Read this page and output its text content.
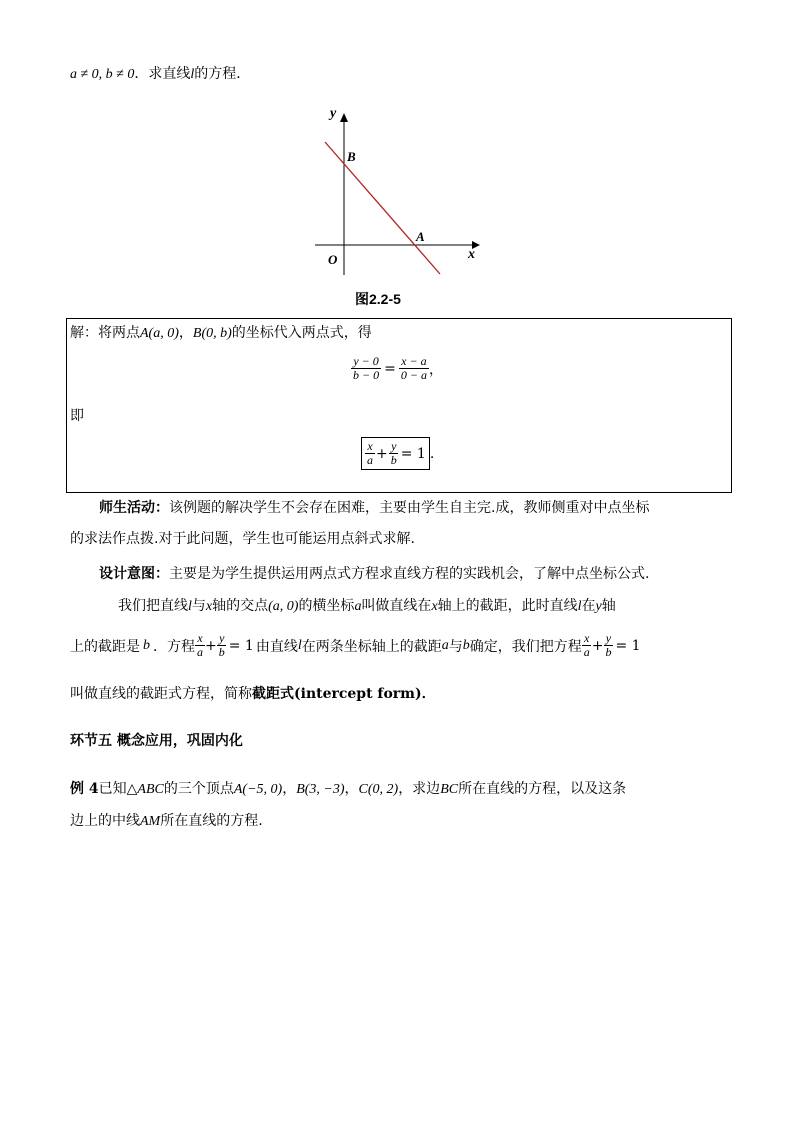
a ≠ 0, b ≠ 0．求直线l的方程．
y
x
O
B
A
图2.2-5
解：将两点A(a, 0)，B(0, b)的坐标代入两点式，得
$\frac{y - 0}{b - 0} = \frac{x - a}{0 - a}$ ，
即
$\frac{x}{a} + \frac{y}{b} = 1$ .
师生活动：该例题的解决学生不会存在困难，主要由学生自主完.成，教师侧重对中点坐标
的求法作点拨.对于此问题，学生也可能运用点斜式求解.
设计意图：主要是为学生提供运用两点式方程求直线方程的实践机会，了解中点坐标公式.
我们把直线l与x轴的交点(a, 0)的横坐标a叫做直线在x轴上的截距，此时直线l在y轴
上的截距是 b ．方程 $\frac{x}{a} + \frac{y}{b} = 1$ 由直线 l 在两条坐标轴上的截距 a 与 b 确定，我们把方程 $\frac{x}{a} + \frac{y}{b} = 1$
叫做直线的截距式方程，简称截距式(intercept form)．
环节五 概念应用，巩固内化
例 4已知△ABC的三个顶点A(−5, 0)，B(3, −3)，C(0, 2)，求边BC所在直线的方程，以及这条
边上的中线AM所在直线的方程.
